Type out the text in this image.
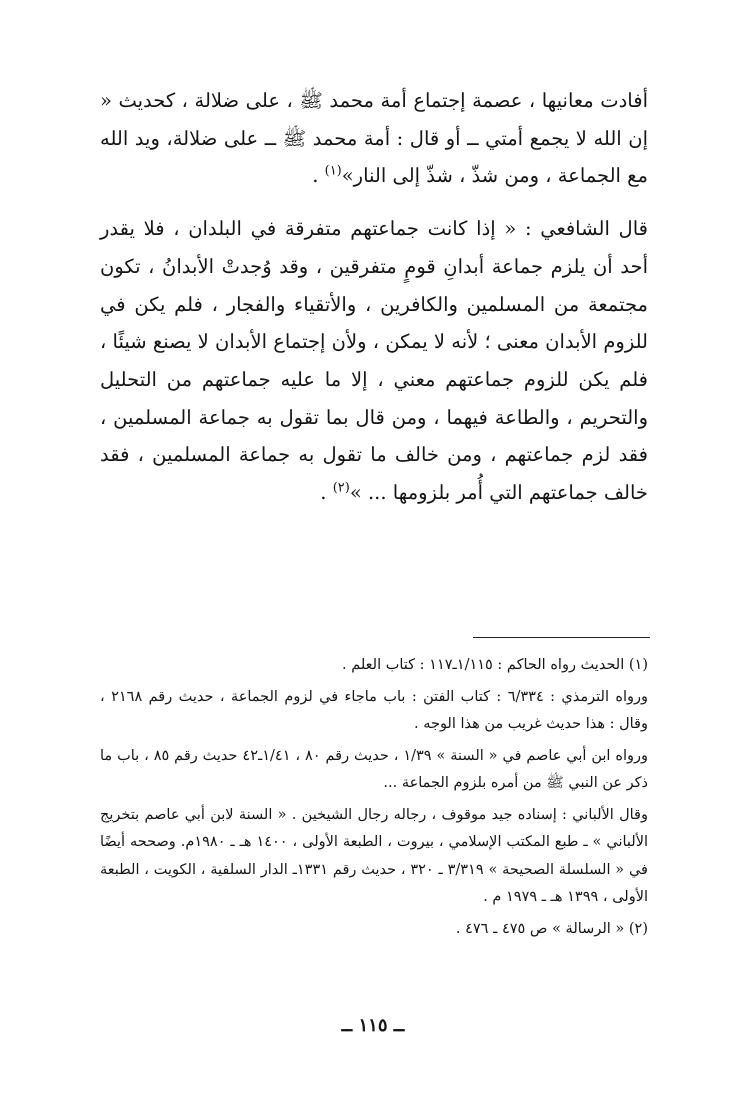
أفادت معانيها ، عصمة إجتماع أمة محمد ﷺ ، على ضلالة ، كحديث « إن الله لا يجمع أمتي ــ أو قال : أمة محمد ﷺ ــ على ضلالة، ويد الله مع الجماعة ، ومن شذّ ، شذّ إلى النار»$^{(١)}$ .

قال الشافعي : « إذا كانت جماعتهم متفرقة في البلدان ، فلا يقدر أحد أن يلزم جماعة أبدانِ قومٍ متفرقين ، وقد وُجدتْ الأبدانُ ، تكون مجتمعة من المسلمين والكافرين ، والأتقياء والفجار ، فلم يكن في للزوم الأبدان معنى ؛ لأنه لا يمكن ، ولأن إجتماع الأبدان لا يصنع شيئًا ، فلم يكن للزوم جماعتهم معني ، إلا ما عليه جماعتهم من التحليل والتحريم ، والطاعة فيهما ، ومن قال بما تقول به جماعة المسلمين ، فقد لزم جماعتهم ، ومن خالف ما تقول به جماعة المسلمين ، فقد خالف جماعتهم التي أُمر بلزومها ... »$^{(٢)}$ .

(١) الحديث رواه الحاكم : ١/١١٥ـ١١٧ : كتاب العلم .

ورواه الترمذي : ٦/٣٣٤ : كتاب الفتن : باب ماجاء في لزوم الجماعة ، حديث رقم ٢١٦٨ ، وقال : هذا حديث غريب من هذا الوجه .

ورواه ابن أبي عاصم في « السنة » ١/٣٩ ، حديث رقم ٨٠ ، ١/٤١ـ٤٢ حديث رقم ٨٥ ، باب ما ذكر عن النبي ﷺ من أمره بلزوم الجماعة ...

وقال الألباني : إسناده جيد موقوف ، رجاله رجال الشيخين . « السنة لابن أبي عاصم بتخريج الألباني » ـ طبع المكتب الإسلامي ، بيروت ، الطبعة الأولى ، ١٤٠٠ هـ ـ ١٩٨٠م. وصححه أيضًا في « السلسلة الصحيحة » ٣/٣١٩ ـ ٣٢٠ ، حديث رقم ١٣٣١ـ الدار السلفية ، الكويت ، الطبعة الأولى ، ١٣٩٩ هـ ـ ١٩٧٩ م .

(٢) « الرسالة » ص ٤٧٥ ـ ٤٧٦ .

ــ ١١٥ ــ
